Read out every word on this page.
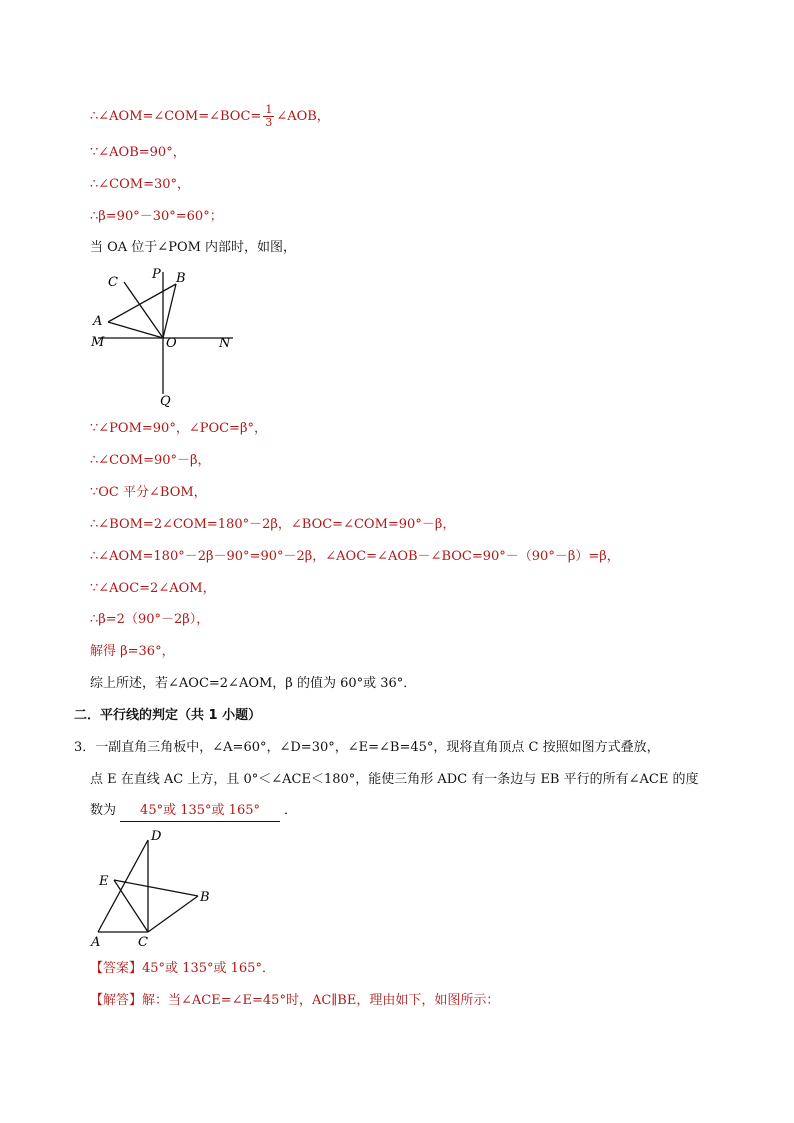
∴∠AOM=∠COM=∠BOC= $\frac{1}{3}$ ∠AOB，
∵∠AOB=90°，
∴∠COM=30°，
∴β=90°－30°=60°；
当 OA 位于∠POM 内部时，如图，
C
P B
A
M	O	N
Q
∵∠POM=90°，∠POC=β°，
∴∠COM=90°－β，
∵OC 平分∠BOM，
∴∠BOM=2∠COM=180°－2β，∠BOC=∠COM=90°－β，
∴∠AOM=180°－2β－90°=90°－2β，∠AOC=∠AOB－∠BOC=90°－（90°－β）=β，
∵∠AOC=2∠AOM，
∴β=2（90°－2β），
解得 β=36°，
综上所述，若∠AOC=2∠AOM，β 的值为 60°或 36°．
二．平行线的判定（共 1 小题）
3．一副直角三角板中，∠A=60°，∠D=30°，∠E=∠B=45°，现将直角顶点 C 按照如图方式叠放，
点 E 在直线 AC 上方，且 0°＜∠ACE＜180°，能使三角形 ADC 有一条边与 EB 平行的所有∠ACE 的度
数为 45°或 135°或 165° ．
D
E
B
A	C
【答案】45°或 135°或 165°．
【解答】解：当∠ACE=∠E=45°时，AC∥BE，理由如下，如图所示：
